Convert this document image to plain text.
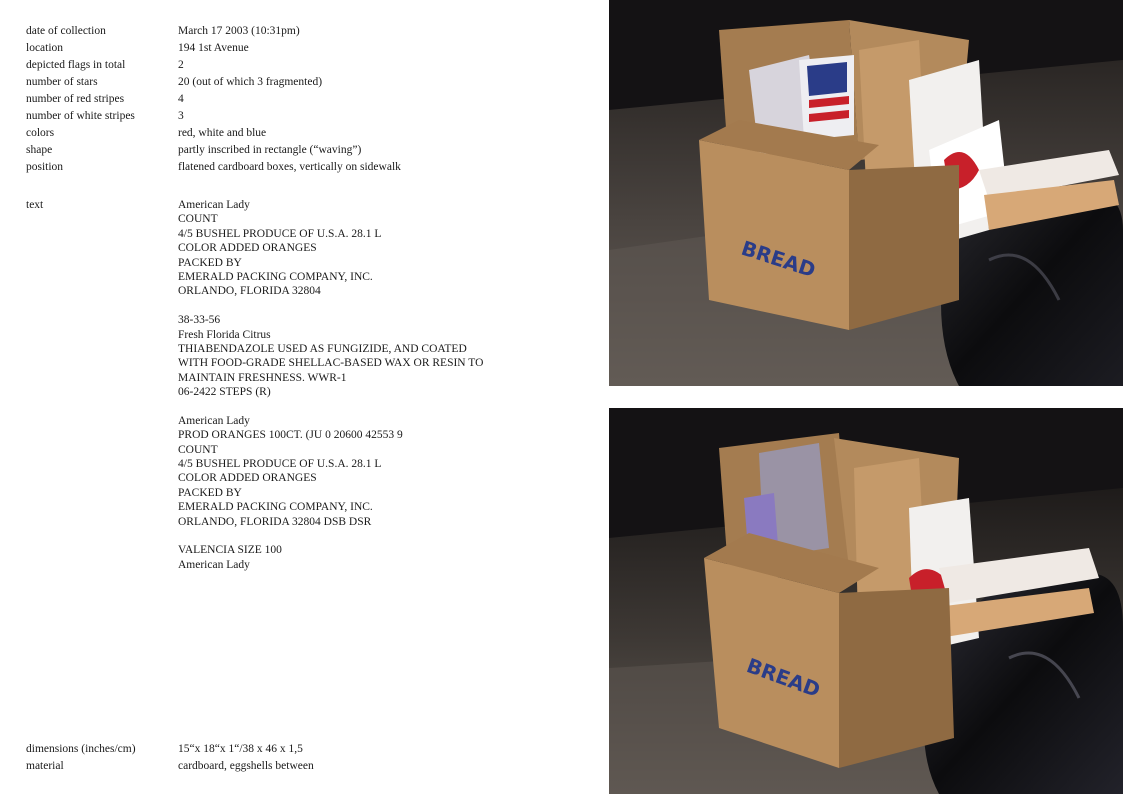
date of collection	March 17 2003 (10:31pm)
location	194 1st Avenue
depicted flags in total	2
number of stars	20 (out of which 3 fragmented)
number of red stripes	4
number of white stripes	3
colors	red, white and blue
shape	partly inscribed in rectangle (“waving”)
position	flatened cardboard boxes, vertically on sidewalk
text	American Lady
COUNT
4/5 BUSHEL PRODUCE OF U.S.A. 28.1 L
COLOR ADDED ORANGES
PACKED BY
EMERALD PACKING COMPANY, INC.
ORLANDO, FLORIDA 32804
38-33-56
Fresh Florida Citrus
THIABENDAZOLE USED AS FUNGIZIDE, AND COATED
WITH FOOD-GRADE SHELLAC-BASED WAX OR RESIN TO
MAINTAIN FRESHNESS. WWR-1
06-2422 STEPS (R)
American Lady
PROD ORANGES 100CT. (JU 0 20600 42553 9
COUNT
4/5 BUSHEL PRODUCE OF U.S.A. 28.1 L
COLOR ADDED ORANGES
PACKED BY
EMERALD PACKING COMPANY, INC.
ORLANDO, FLORIDA 32804 DSB DSR
VALENCIA SIZE 100
American Lady
dimensions (inches/cm)	15“x 18“x 1“/38 x 46 x 1,5
material	cardboard, eggshells between
BREAD
BREAD
